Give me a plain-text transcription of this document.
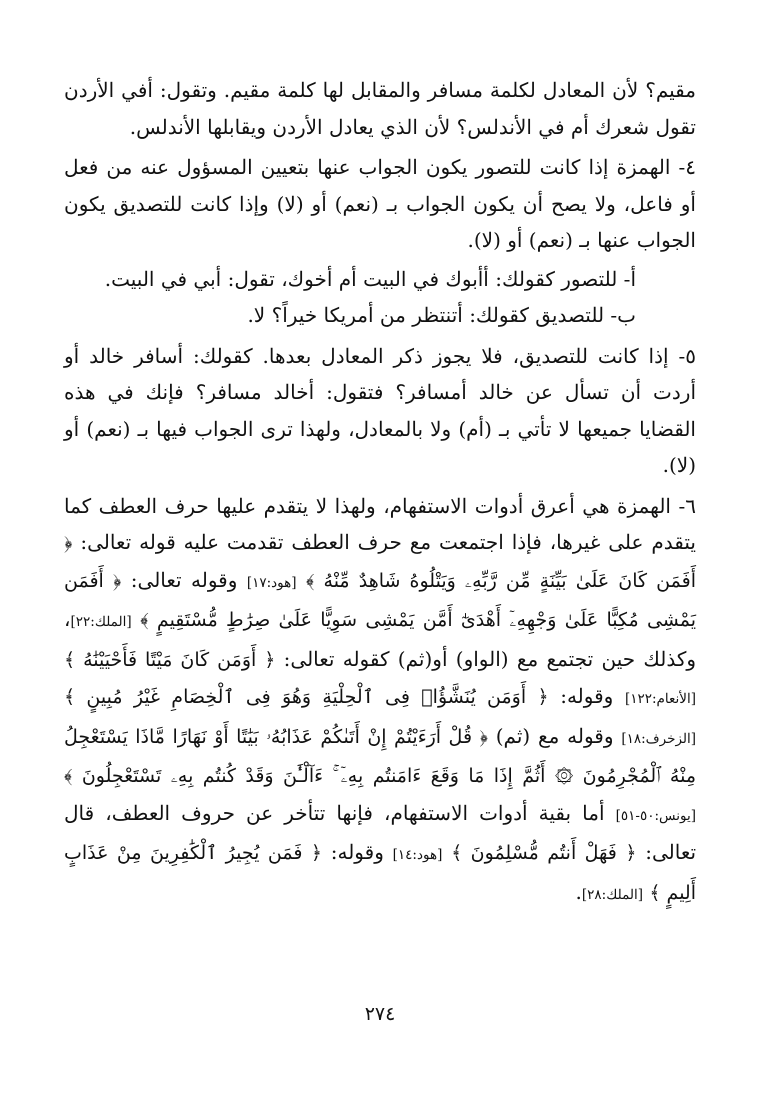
مقيم؟ لأن المعادل لكلمة مسافر والمقابل لها كلمة مقيم. وتقول: أفي الأردن تقول شعرك أم في الأندلس؟ لأن الذي يعادل الأردن ويقابلها الأندلس.

٤- الهمزة إذا كانت للتصور يكون الجواب عنها بتعيين المسؤول عنه من فعل أو فاعل، ولا يصح أن يكون الجواب بـ (نعم) أو (لا) وإذا كانت للتصديق يكون الجواب عنها بـ (نعم) أو (لا).

أ- للتصور كقولك: أأبوك في البيت أم أخوك، تقول: أبي في البيت.

ب- للتصديق كقولك: أتنتظر من أمريكا خيراً؟ لا.

٥- إذا كانت للتصديق، فلا يجوز ذكر المعادل بعدها. كقولك: أسافر خالد أو أردت أن تسأل عن خالد أمسافر؟ فتقول: أخالد مسافر؟ فإنك في هذه القضايا جميعها لا تأتي بـ (أم) ولا بالمعادل، ولهذا ترى الجواب فيها بـ (نعم) أو (لا).

٦- الهمزة هي أعرق أدوات الاستفهام، ولهذا لا يتقدم عليها حرف العطف كما يتقدم على غيرها، فإذا اجتمعت مع حرف العطف تقدمت عليه قوله تعالى: ﴿ أَفَمَن كَانَ عَلَىٰ بَيِّنَةٍ مِّن رَّبِّهِۦ وَيَتْلُوهُ شَاهِدٌ مِّنْهُ ﴾ [هود:١٧] وقوله تعالى: ﴿ أَفَمَن يَمْشِى مُكِبًّا عَلَىٰ وَجْهِهِۦٓ أَهْدَىٰٓ أَمَّن يَمْشِى سَوِيًّا عَلَىٰ صِرَٰطٍ مُّسْتَقِيمٍ ﴾ [الملك:٢٢]، وكذلك حين تجتمع مع (الواو) أو(ثم) كقوله تعالى: ﴿ أَوَمَن كَانَ مَيْتًا فَأَحْيَيْنَٰهُ ﴾ [الأنعام:١٢٢] وقوله: ﴿ أَوَمَن يُنَشَّؤُا۟ فِى ٱلْحِلْيَةِ وَهُوَ فِى ٱلْخِصَامِ غَيْرُ مُبِينٍ ﴾ [الزخرف:١٨] وقوله مع (ثم) ﴿ قُلْ أَرَءَيْتُمْ إِنْ أَتَىٰكُمْ عَذَابُهُۥ بَيَٰتًا أَوْ نَهَارًا مَّاذَا يَسْتَعْجِلُ مِنْهُ ٱلْمُجْرِمُونَ ۞ أَثُمَّ إِذَا مَا وَقَعَ ءَامَنتُم بِهِۦٓ ۚ ءَآلْـَٰٔنَ وَقَدْ كُنتُم بِهِۦ تَسْتَعْجِلُونَ ﴾ [يونس:٥٠-٥١] أما بقية أدوات الاستفهام، فإنها تتأخر عن حروف العطف، قال تعالى: ﴿ فَهَلْ أَنتُم مُّسْلِمُونَ ﴾ [هود:١٤] وقوله: ﴿ فَمَن يُجِيرُ ٱلْكَٰفِرِينَ مِنْ عَذَابٍ أَلِيمٍ ﴾ [الملك:٢٨].

٢٧٤
